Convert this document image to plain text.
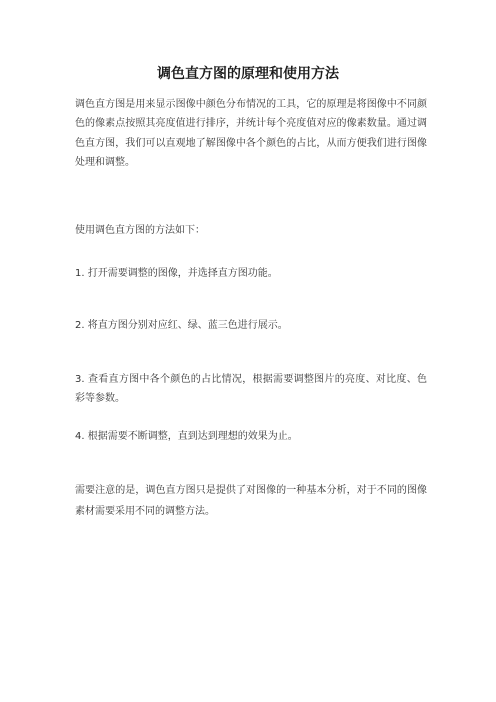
调色直方图的原理和使用方法

调色直方图是用来显示图像中颜色分布情况的工具，它的原理是将图像中不同颜色的像素点按照其亮度值进行排序，并统计每个亮度值对应的像素数量。通过调色直方图，我们可以直观地了解图像中各个颜色的占比，从而方便我们进行图像处理和调整。

使用调色直方图的方法如下：

1. 打开需要调整的图像，并选择直方图功能。

2. 将直方图分别对应红、绿、蓝三色进行展示。

3. 查看直方图中各个颜色的占比情况，根据需要调整图片的亮度、对比度、色彩等参数。

4. 根据需要不断调整，直到达到理想的效果为止。

需要注意的是，调色直方图只是提供了对图像的一种基本分析，对于不同的图像素材需要采用不同的调整方法。
